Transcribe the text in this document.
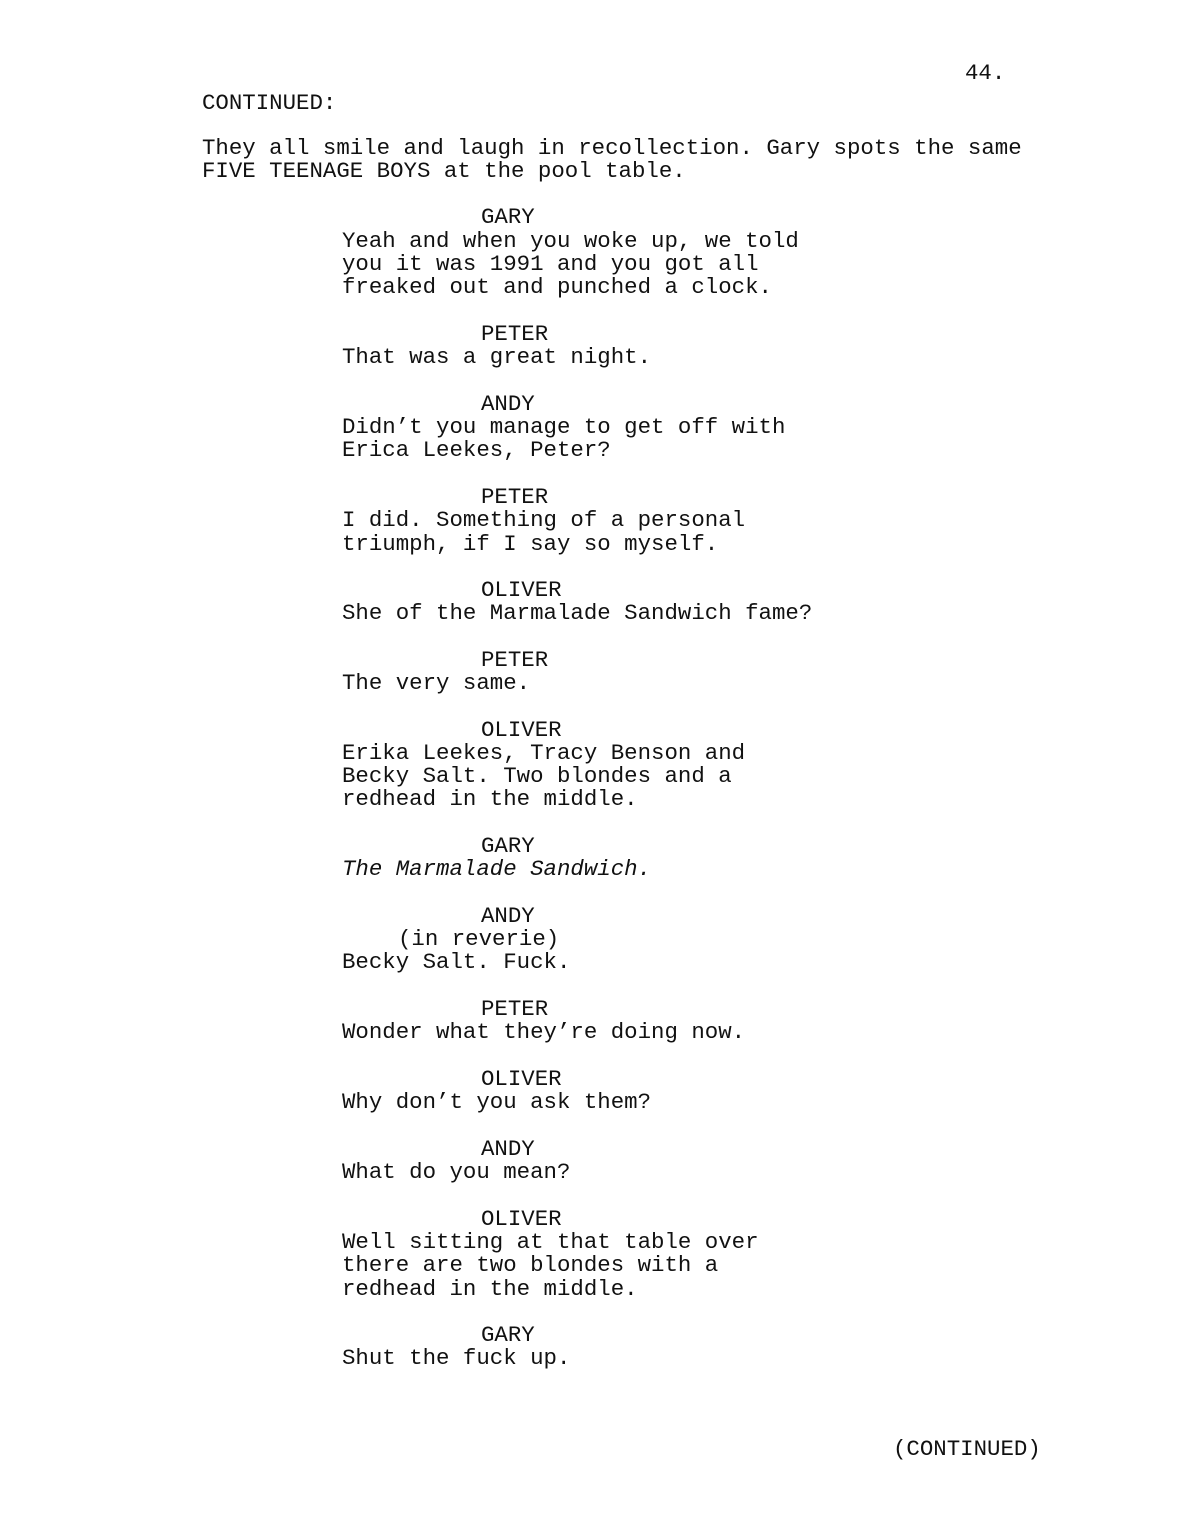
44.
CONTINUED:
They all smile and laugh in recollection. Gary spots the same
FIVE TEENAGE BOYS at the pool table.
GARY
Yeah and when you woke up, we told
you it was 1991 and you got all
freaked out and punched a clock.
PETER
That was a great night.
ANDY
Didn’t you manage to get off with
Erica Leekes, Peter?
PETER
I did. Something of a personal
triumph, if I say so myself.
OLIVER
She of the Marmalade Sandwich fame?
PETER
The very same.
OLIVER
Erika Leekes, Tracy Benson and
Becky Salt. Two blondes and a
redhead in the middle.
GARY
The Marmalade Sandwich.
ANDY
(in reverie)
Becky Salt. Fuck.
PETER
Wonder what they’re doing now.
OLIVER
Why don’t you ask them?
ANDY
What do you mean?
OLIVER
Well sitting at that table over
there are two blondes with a
redhead in the middle.
GARY
Shut the fuck up.
(CONTINUED)
